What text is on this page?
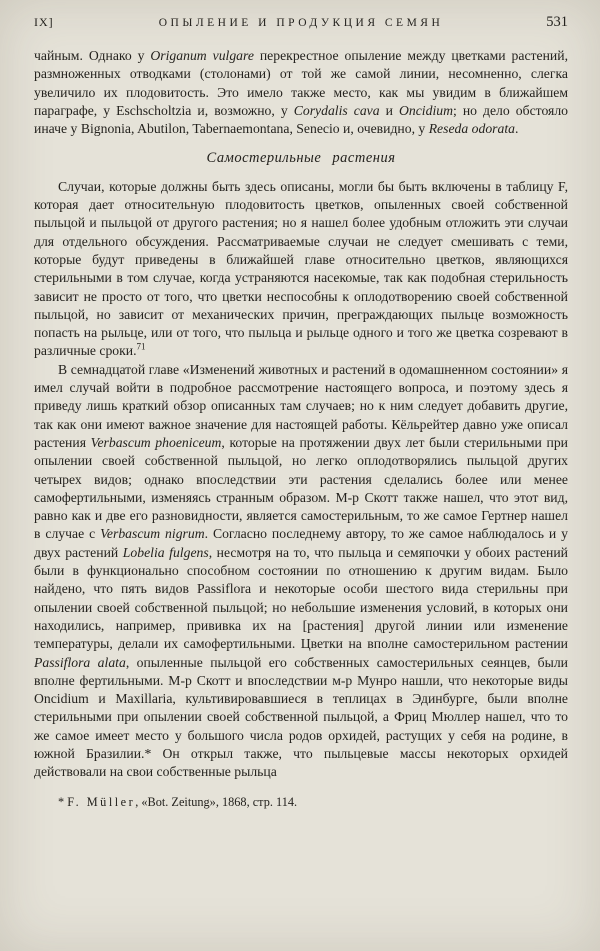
IX]	ОПЫЛЕНИЕ И ПРОДУКЦИЯ СЕМЯН	531

чайным. Однако у Origanum vulgare перекрестное опыление между цветками растений, размноженных отводками (столонами) от той же самой линии, несомненно, слегка увеличило их плодовитость. Это имело также место, как мы увидим в ближайшем параграфе, у Eschscholtzia и, возможно, у Corydalis cava и Oncidium; но дело обстояло иначе у Bignonia, Abutilon, Tabernaemontana, Senecio и, очевидно, у Reseda odorata.

Самостерильные растения

Случаи, которые должны быть здесь описаны, могли бы быть включены в таблицу F, которая дает относительную плодовитость цветков, опыленных своей собственной пыльцой и пыльцой от другого растения; но я нашел более удобным отложить эти случаи для отдельного обсуждения. Рассматриваемые случаи не следует смешивать с теми, которые будут приведены в ближайшей главе относительно цветков, являющихся стерильными в том случае, когда устраняются насекомые, так как подобная стерильность зависит не просто от того, что цветки неспособны к оплодотворению своей собственной пыльцой, но зависит от механических причин, преграждающих пыльце возможность попасть на рыльце, или от того, что пыльца и рыльце одного и того же цветка созревают в различные сроки.$^{71}$

В семнадцатой главе «Изменений животных и растений в одомашненном состоянии» я имел случай войти в подробное рассмотрение настоящего вопроса, и поэтому здесь я приведу лишь краткий обзор описанных там случаев; но к ним следует добавить другие, так как они имеют важное значение для настоящей работы. Кёльрейтер давно уже описал растения Verbascum phoeniceum, которые на протяжении двух лет были стерильными при опылении своей собственной пыльцой, но легко оплодотворялись пыльцой других четырех видов; однако впоследствии эти растения сделались более или менее самофертильными, изменяясь странным образом. М-р Скотт также нашел, что этот вид, равно как и две его разновидности, является самостерильным, то же самое Гертнер нашел в случае с Verbascum nigrum. Согласно последнему автору, то же самое наблюдалось и у двух растений Lobelia fulgens, несмотря на то, что пыльца и семяпочки у обоих растений были в функционально способном состоянии по отношению к другим видам. Было найдено, что пять видов Passiflora и некоторые особи шестого вида стерильны при опылении своей собственной пыльцой; но небольшие изменения условий, в которых они находились, например, прививка их на [растения] другой линии или изменение температуры, делали их самофертильными. Цветки на вполне самостерильном растении Passiflora alata, опыленные пыльцой его собственных самостерильных сеянцев, были вполне фертильными. М-р Скотт и впоследствии м-р Мунро нашли, что некоторые виды Oncidium и Maxillaria, культивировавшиеся в теплицах в Эдинбурге, были вполне стерильными при опылении своей собственной пыльцой, а Фриц Мюллер нашел, что то же самое имеет место у большого числа родов орхидей, растущих у себя на родине, в южной Бразилии.* Он открыл также, что пыльцевые массы некоторых орхидей действовали на свои собственные рыльца

* F. Müller, «Bot. Zeitung», 1868, стр. 114.
